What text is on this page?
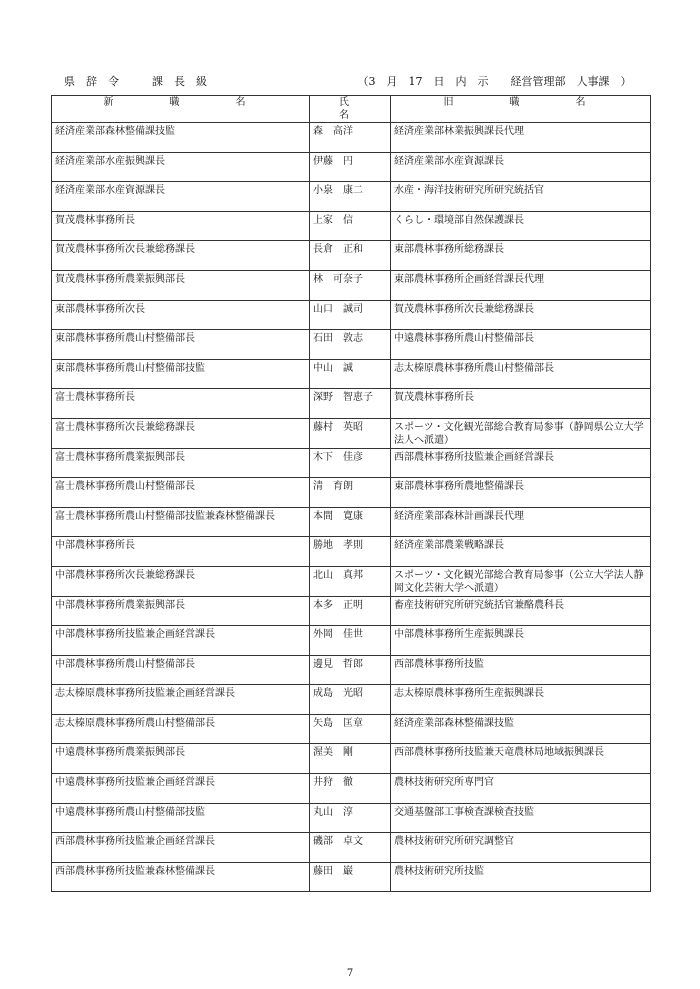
県　辞　令　　　課　長　級	（3　月　17　日　内　示　　経営管理部　人事課　）
新　　職　　名	氏　　名	旧　　職　　名
経済産業部森林整備課技監	森　高洋	経済産業部林業振興課長代理
経済産業部水産振興課長	伊藤　円	経済産業部水産資源課長
経済産業部水産資源課長	小泉　康二	水産・海洋技術研究所研究統括官
賀茂農林事務所長	上家　信	くらし・環境部自然保護課長
賀茂農林事務所次長兼総務課長	長倉　正和	東部農林事務所総務課長
賀茂農林事務所農業振興部長	林　可奈子	東部農林事務所企画経営課長代理
東部農林事務所次長	山口　誠司	賀茂農林事務所次長兼総務課長
東部農林事務所農山村整備部長	石田　敦志	中遠農林事務所農山村整備部長
東部農林事務所農山村整備部技監	中山　誠	志太榛原農林事務所農山村整備部長
富士農林事務所長	深野　智恵子	賀茂農林事務所長
富士農林事務所次長兼総務課長	藤村　英昭	スポーツ・文化観光部総合教育局参事（静岡県公立大学法人へ派遣）
富士農林事務所農業振興部長	木下　佳彦	西部農林事務所技監兼企画経営課長
富士農林事務所農山村整備部長	清　育朗	東部農林事務所農地整備課長
富士農林事務所農山村整備部技監兼森林整備課長	本間　寛康	経済産業部森林計画課長代理
中部農林事務所長	勝地　孝則	経済産業部農業戦略課長
中部農林事務所次長兼総務課長	北山　真邦	スポーツ・文化観光部総合教育局参事（公立大学法人静岡文化芸術大学へ派遣）
中部農林事務所農業振興部長	本多　正明	畜産技術研究所研究統括官兼酪農科長
中部農林事務所技監兼企画経営課長	外岡　佳世	中部農林事務所生産振興課長
中部農林事務所農山村整備部長	邊見　哲郎	西部農林事務所技監
志太榛原農林事務所技監兼企画経営課長	成島　光昭	志太榛原農林事務所生産振興課長
志太榛原農林事務所農山村整備部長	矢島　匡章	経済産業部森林整備課技監
中遠農林事務所農業振興部長	渥美　剛	西部農林事務所技監兼天竜農林局地域振興課長
中遠農林事務所技監兼企画経営課長	井狩　徹	農林技術研究所専門官
中遠農林事務所農山村整備部技監	丸山　淳	交通基盤部工事検査課検査技監
西部農林事務所技監兼企画経営課長	磯部　卓文	農林技術研究所研究調整官
西部農林事務所技監兼森林整備課長	藤田　巌	農林技術研究所技監
7
